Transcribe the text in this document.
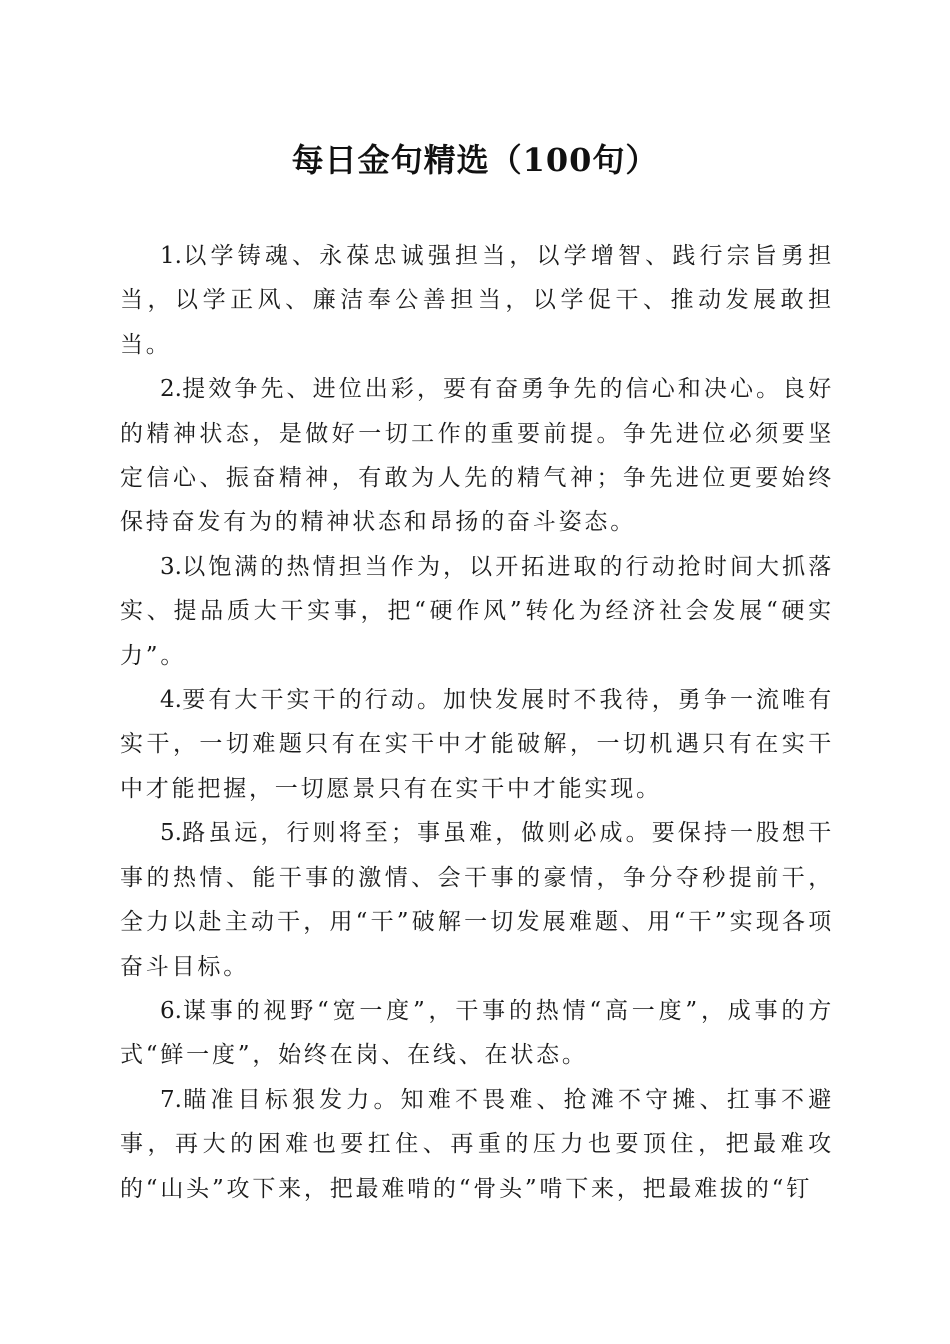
每日金句精选（100句）

1.以学铸魂、永葆忠诚强担当，以学增智、践行宗旨勇担当，以学正风、廉洁奉公善担当，以学促干、推动发展敢担当。

2.提效争先、进位出彩，要有奋勇争先的信心和决心。良好的精神状态，是做好一切工作的重要前提。争先进位必须要坚定信心、振奋精神，有敢为人先的精气神；争先进位更要始终保持奋发有为的精神状态和昂扬的奋斗姿态。

3.以饱满的热情担当作为，以开拓进取的行动抢时间大抓落实、提品质大干实事，把“硬作风”转化为经济社会发展“硬实力”。

4.要有大干实干的行动。加快发展时不我待，勇争一流唯有实干，一切难题只有在实干中才能破解，一切机遇只有在实干中才能把握，一切愿景只有在实干中才能实现。

5.路虽远，行则将至；事虽难，做则必成。要保持一股想干事的热情、能干事的激情、会干事的豪情，争分夺秒提前干，全力以赴主动干，用“干”破解一切发展难题、用“干”实现各项奋斗目标。

6.谋事的视野“宽一度”，干事的热情“高一度”，成事的方式“鲜一度”，始终在岗、在线、在状态。

7.瞄准目标狠发力。知难不畏难、抢滩不守摊、扛事不避事，再大的困难也要扛住、再重的压力也要顶住，把最难攻的“山头”攻下来，把最难啃的“骨头”啃下来，把最难拔的“钉
